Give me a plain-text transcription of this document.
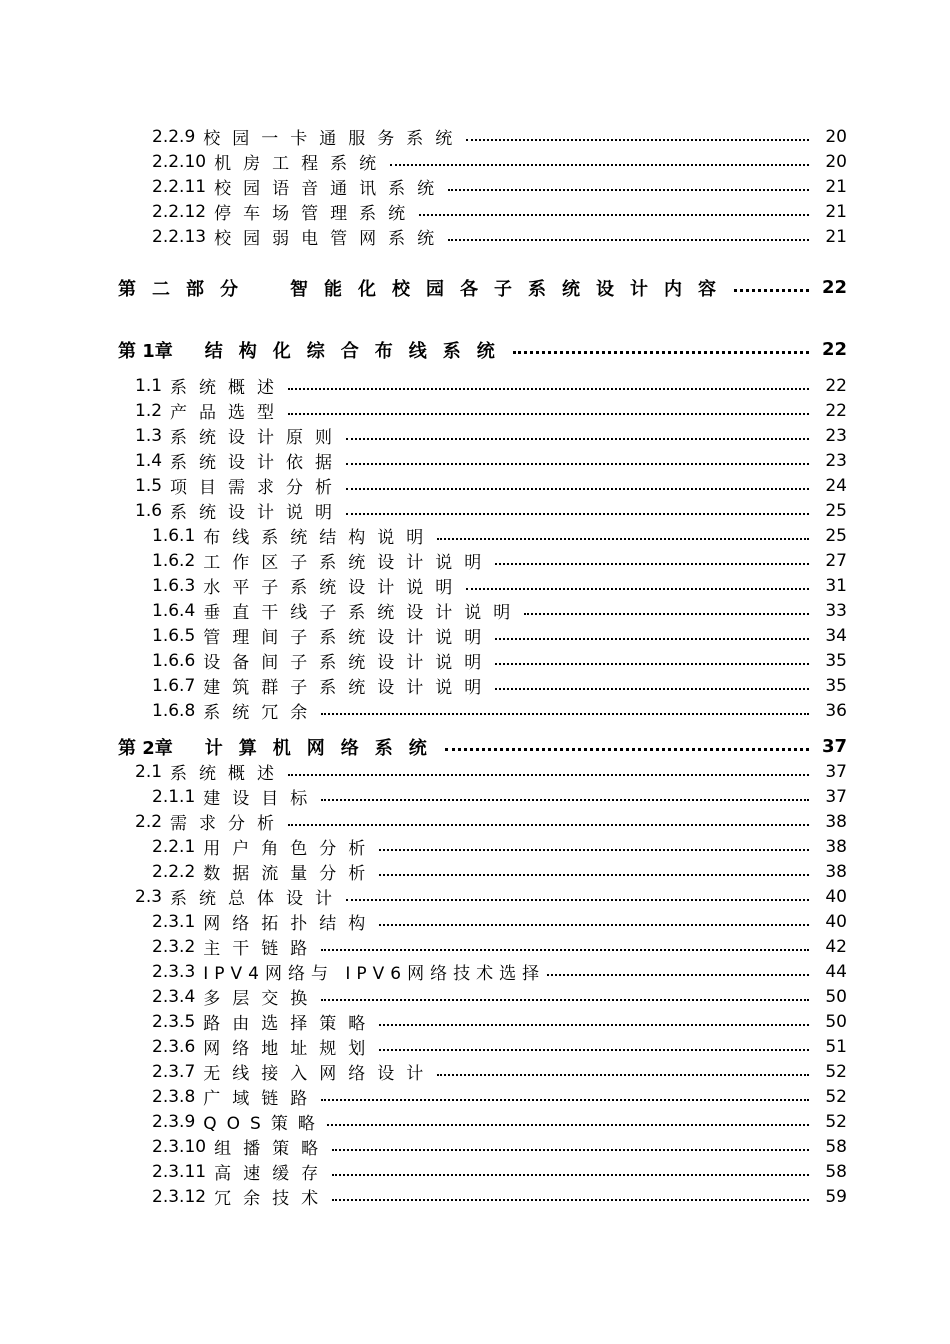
2.2.9 校园一卡通服务系统	20
2.2.10 机房工程系统	20
2.2.11 校园语音通讯系统	21
2.2.12 停车场管理系统	21
2.2.13 校园弱电管网系统	21
第二部分 智能化校园各子系统设计内容	22
第 1章 结构化综合布线系统	22
1.1 系统概述	22
1.2 产品选型	22
1.3 系统设计原则	23
1.4 系统设计依据	23
1.5 项目需求分析	24
1.6 系统设计说明	25
1.6.1 布线系统结构说明	25
1.6.2 工作区子系统设计说明	27
1.6.3 水平子系统设计说明	31
1.6.4 垂直干线子系统设计说明	33
1.6.5 管理间子系统设计说明	34
1.6.6 设备间子系统设计说明	35
1.6.7 建筑群子系统设计说明	35
1.6.8 系统冗余	36
第 2章 计算机网络系统	37
2.1 系统概述	37
2.1.1 建设目标	37
2.2 需求分析	38
2.2.1 用户角色分析	38
2.2.2 数据流量分析	38
2.3 系统总体设计	40
2.3.1 网络拓扑结构	40
2.3.2 主干链路	42
2.3.3 IPV4网络与 IPV6网络技术选择	44
2.3.4 多层交换	50
2.3.5 路由选择策略	50
2.3.6 网络地址规划	51
2.3.7 无线接入网络设计	52
2.3.8 广域链路	52
2.3.9 QOS策略	52
2.3.10 组播策略	58
2.3.11 高速缓存	58
2.3.12 冗余技术	59
